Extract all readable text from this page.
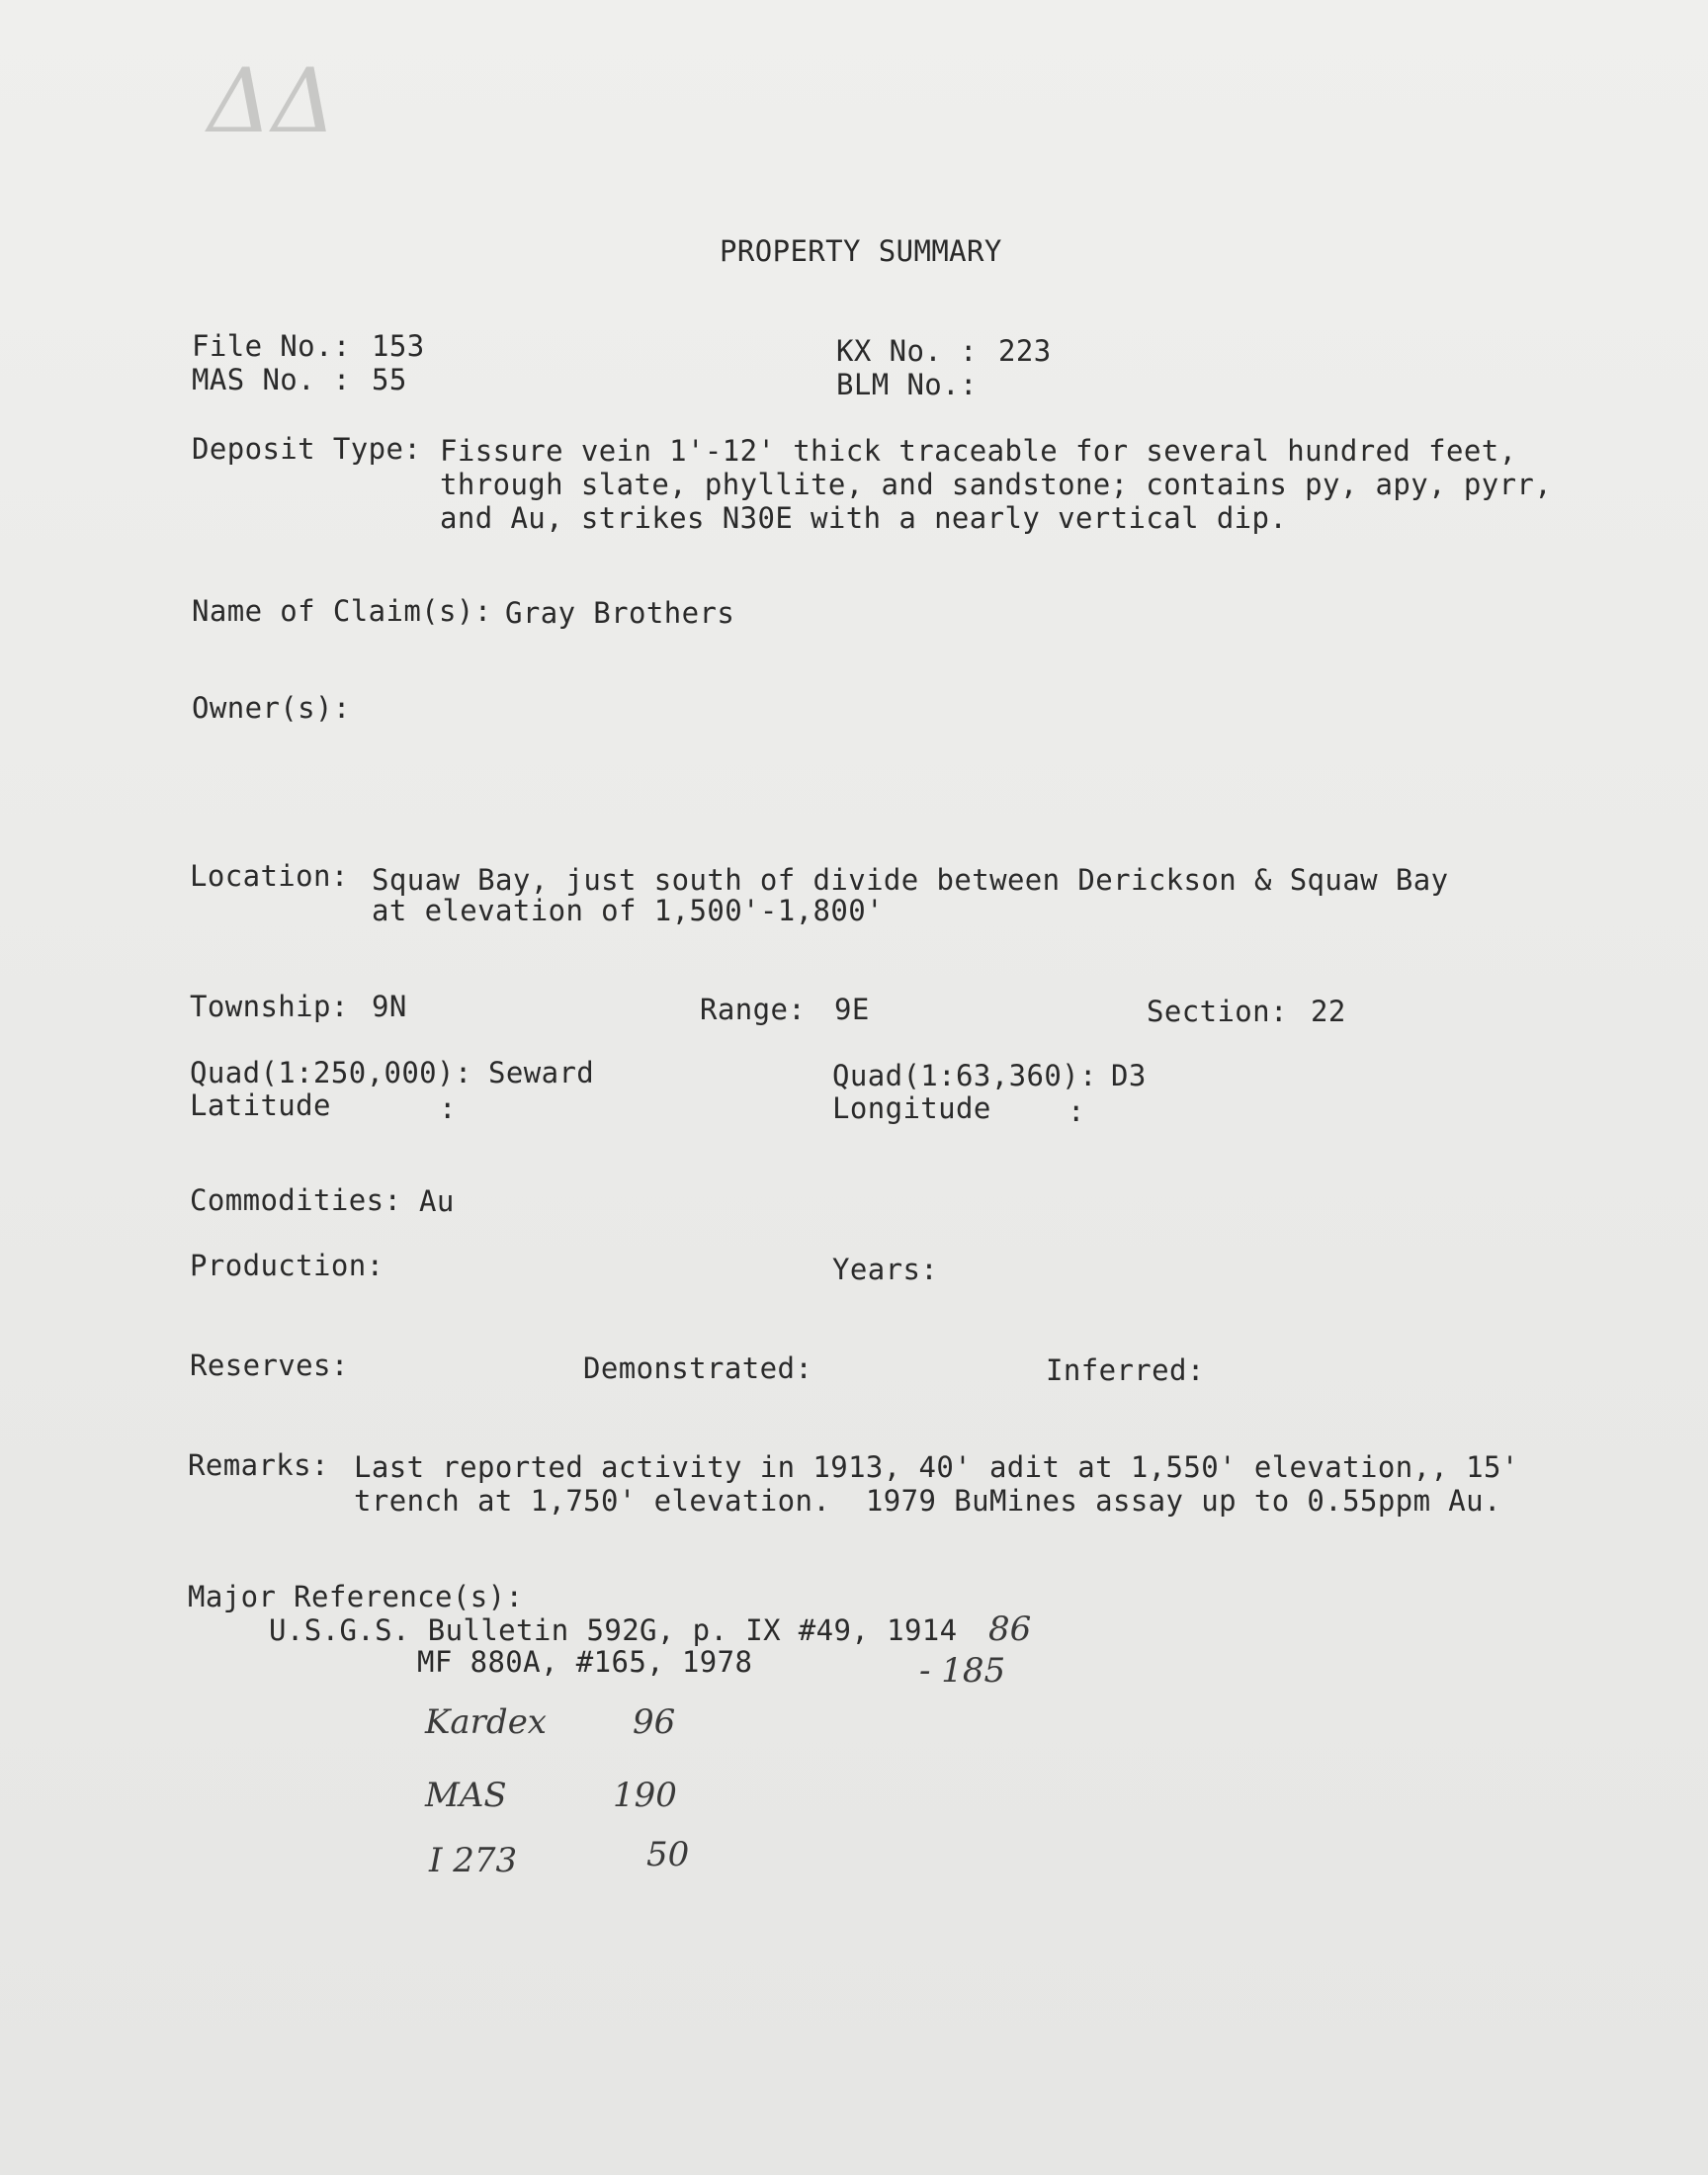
ΔΔ
PROPERTY SUMMARY
File No.: 153
MAS No. : 55
KX No. : 223
BLM No.:
Deposit Type: Fissure vein 1'-12' thick traceable for several hundred feet,
through slate, phyllite, and sandstone; contains py, apy, pyrr,
and Au, strikes N30E with a nearly vertical dip.
Name of Claim(s): Gray Brothers
Owner(s):
Location: Squaw Bay, just south of divide between Derickson & Squaw Bay
at elevation of 1,500'-1,800'
Township: 9N	Range: 9E	Section: 22
Quad(1:250,000): Seward	Quad(1:63,360): D3
Latitude	:	Longitude	:
Commodities: Au
Production:	Years:
Reserves:	Demonstrated:	Inferred:
Remarks: Last reported activity in 1913, 40' adit at 1,550' elevation,, 15'
trench at 1,750' elevation.  1979 BuMines assay up to 0.55ppm Au.
Major Reference(s):
U.S.G.S. Bulletin 592G, p. IX #49, 1914
MF 880A, #165, 1978
86
- 185
Kardex	96
MAS	190
I 273	50
